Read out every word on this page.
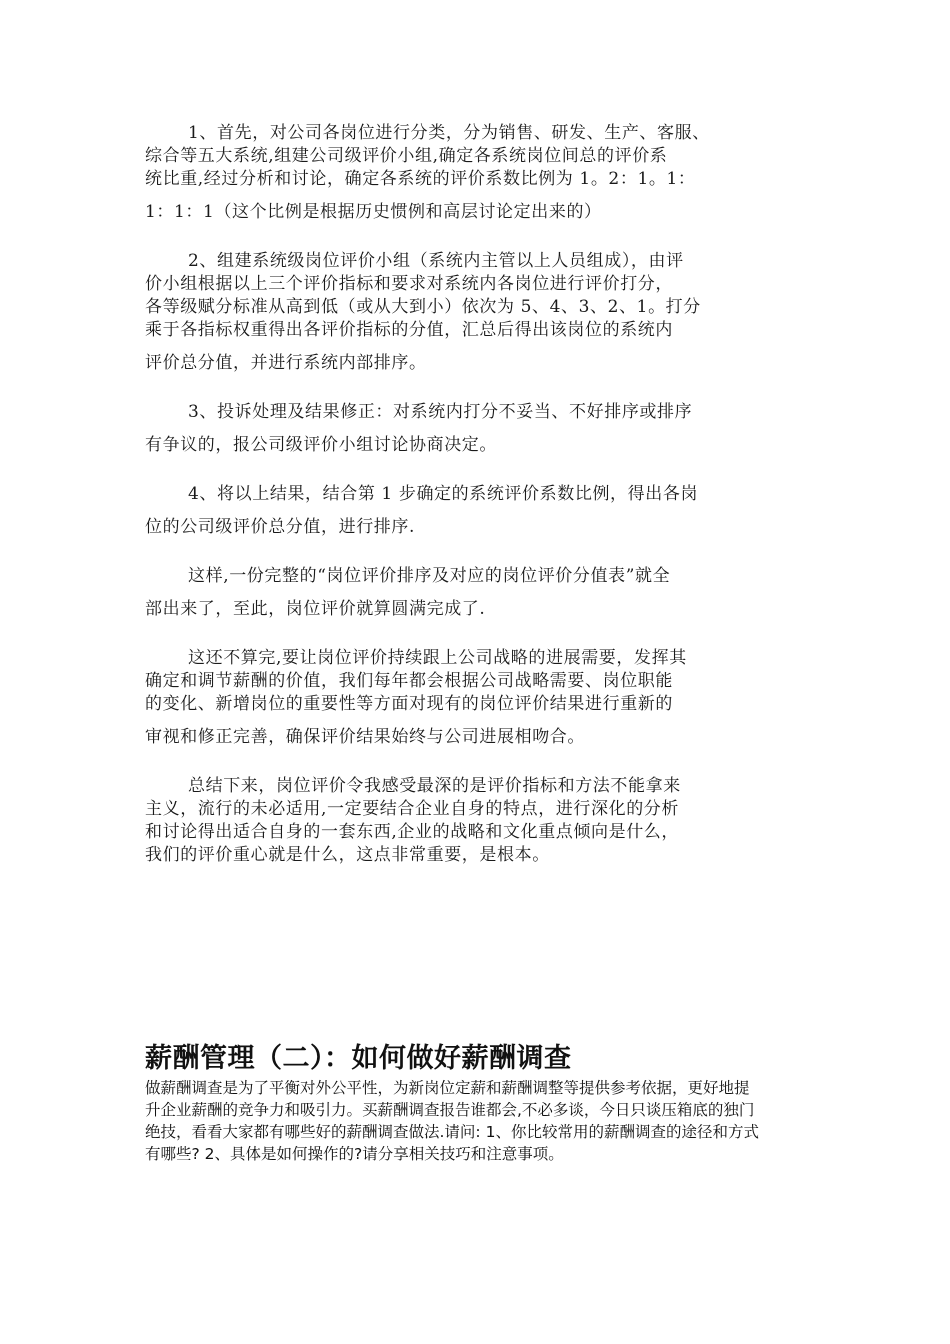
1、首先，对公司各岗位进行分类，分为销售、研发、生产、客服、
综合等五大系统,组建公司级评价小组,确定各系统岗位间总的评价系
统比重,经过分析和讨论，确定各系统的评价系数比例为 1。2：1。1：
1：1：1（这个比例是根据历史惯例和高层讨论定出来的）

2、组建系统级岗位评价小组（系统内主管以上人员组成），由评
价小组根据以上三个评价指标和要求对系统内各岗位进行评价打分，
各等级赋分标准从高到低（或从大到小）依次为 5、4、3、2、1。打分
乘于各指标权重得出各评价指标的分值，汇总后得出该岗位的系统内
评价总分值，并进行系统内部排序。

3、投诉处理及结果修正：对系统内打分不妥当、不好排序或排序
有争议的，报公司级评价小组讨论协商决定。

4、将以上结果，结合第 1 步确定的系统评价系数比例，得出各岗
位的公司级评价总分值，进行排序.

这样,一份完整的“岗位评价排序及对应的岗位评价分值表”就全
部出来了，至此，岗位评价就算圆满完成了.

这还不算完,要让岗位评价持续跟上公司战略的进展需要，发挥其
确定和调节薪酬的价值，我们每年都会根据公司战略需要、岗位职能
的变化、新增岗位的重要性等方面对现有的岗位评价结果进行重新的
审视和修正完善，确保评价结果始终与公司进展相吻合。

总结下来，岗位评价令我感受最深的是评价指标和方法不能拿来
主义，流行的未必适用,一定要结合企业自身的特点，进行深化的分析
和讨论得出适合自身的一套东西,企业的战略和文化重点倾向是什么，
我们的评价重心就是什么，这点非常重要，是根本。

薪酬管理（二）：如何做好薪酬调查
做薪酬调查是为了平衡对外公平性，为新岗位定薪和薪酬调整等提供参考依据，更好地提
升企业薪酬的竞争力和吸引力。买薪酬调查报告谁都会,不必多谈，今日只谈压箱底的独门
绝技，看看大家都有哪些好的薪酬调查做法.请问: 1、你比较常用的薪酬调查的途径和方式
有哪些? 2、具体是如何操作的?请分享相关技巧和注意事项。
